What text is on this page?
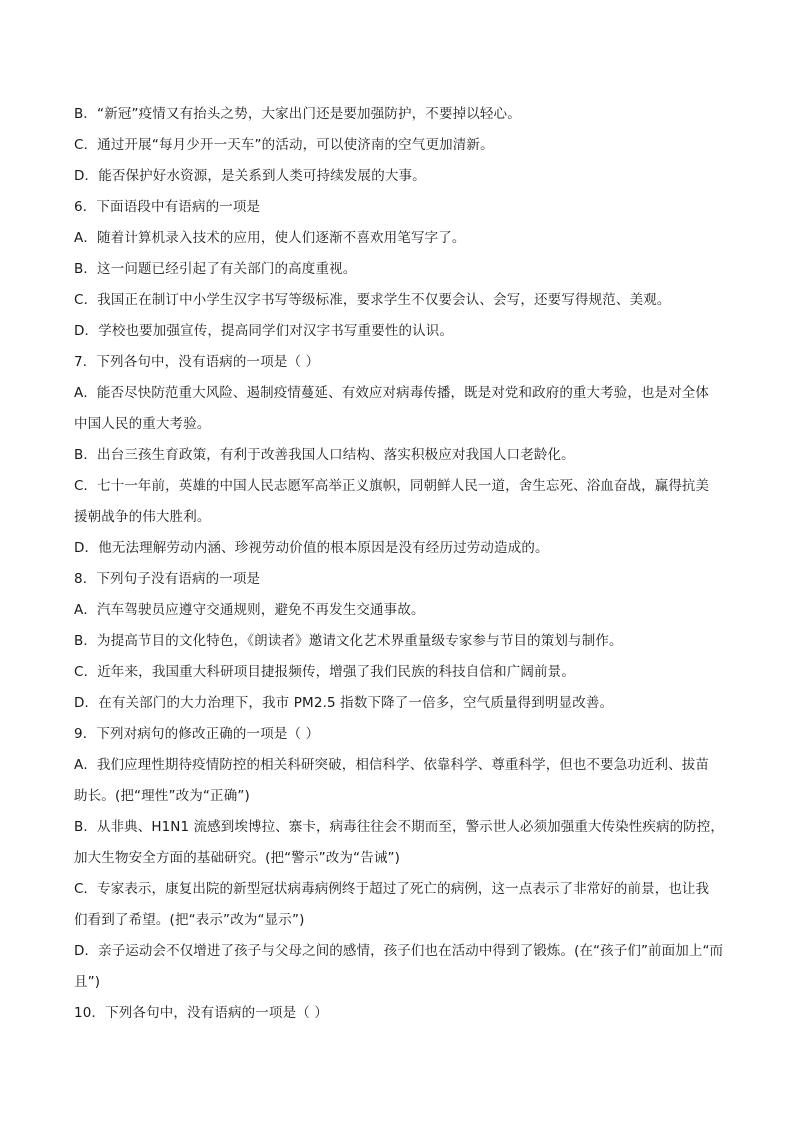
B．“新冠”疫情又有抬头之势，大家出门还是要加强防护，不要掉以轻心。
C．通过开展“每月少开一天车”的活动，可以使济南的空气更加清新。
D．能否保护好水资源，是关系到人类可持续发展的大事。
6．下面语段中有语病的一项是
A．随着计算机录入技术的应用，使人们逐渐不喜欢用笔写字了。
B．这一问题已经引起了有关部门的高度重视。
C．我国正在制订中小学生汉字书写等级标准，要求学生不仅要会认、会写，还要写得规范、美观。
D．学校也要加强宣传，提高同学们对汉字书写重要性的认识。
7．下列各句中，没有语病的一项是（ ）
A．能否尽快防范重大风险、遏制疫情蔓延、有效应对病毒传播，既是对党和政府的重大考验，也是对全体
中国人民的重大考验。
B．出台三孩生育政策，有利于改善我国人口结构、落实积极应对我国人口老龄化。
C．七十一年前，英雄的中国人民志愿军高举正义旗帜，同朝鲜人民一道，舍生忘死、浴血奋战，赢得抗美
援朝战争的伟大胜利。
D．他无法理解劳动内涵、珍视劳动价值的根本原因是没有经历过劳动造成的。
8．下列句子没有语病的一项是
A．汽车驾驶员应遵守交通规则，避免不再发生交通事故。
B．为提高节目的文化特色，《朗读者》邀请文化艺术界重量级专家参与节目的策划与制作。
C．近年来，我国重大科研项目捷报频传，增强了我们民族的科技自信和广阔前景。
D．在有关部门的大力治理下，我市 PM2.5 指数下降了一倍多，空气质量得到明显改善。
9．下列对病句的修改正确的一项是（ ）
A．我们应理性期待疫情防控的相关科研突破，相信科学、依靠科学、尊重科学，但也不要急功近利、拔苗
助长。(把“理性”改为“正确”)
B．从非典、H1N1 流感到埃博拉、寨卡，病毒往往会不期而至，警示世人必须加强重大传染性疾病的防控，
加大生物安全方面的基础研究。(把“警示”改为“告诫”)
C．专家表示，康复出院的新型冠状病毒病例终于超过了死亡的病例，这一点表示了非常好的前景，也让我
们看到了希望。(把“表示”改为“显示”)
D．亲子运动会不仅增进了孩子与父母之间的感情，孩子们也在活动中得到了锻炼。(在“孩子们”前面加上“而
且”)
10．下列各句中，没有语病的一项是（ ）
